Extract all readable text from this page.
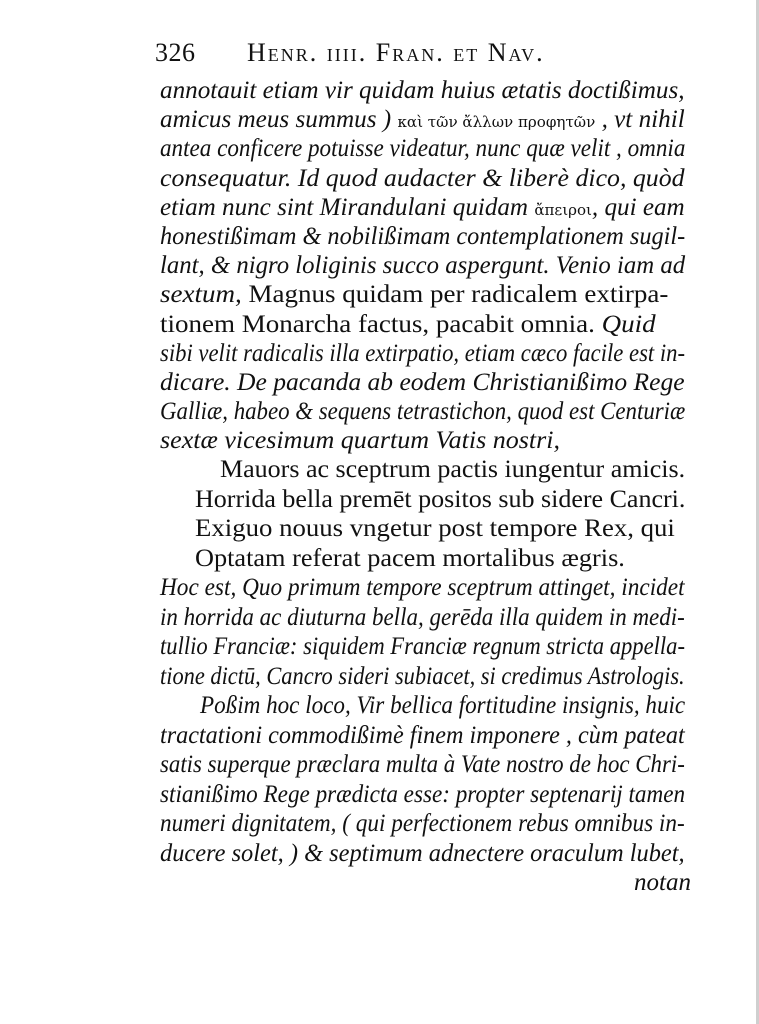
326 Henr. iiii. Fran. et Nav.
annotauit etiam vir quidam huius ætatis doctißimus,
amicus meus summus ) καὶ τῶν ἄλλων προφητῶν , vt nihil
antea conficere potuisse videatur, nunc quæ velit , omnia
consequatur. Id quod audacter & liberè dico, quòd
etiam nunc sint Mirandulani quidam ἄπειροι, qui eam
honestißimam & nobilißimam contemplationem sugil-
lant, & nigro loliginis succo aspergunt. Venio iam ad
sextum, Magnus quidam per radicalem extirpa-
tionem Monarcha factus, pacabit omnia. Quid
sibi velit radicalis illa extirpatio, etiam cæco facile est in-
dicare. De pacanda ab eodem Christianißimo Rege
Galliæ, habeo & sequens tetrastichon, quod est Centuriæ
sextæ vicesimum quartum Vatis nostri,
Mauors ac sceptrum pactis iungentur amicis.
Horrida bella premēt positos sub sidere Cancri.
Exiguo nouus vngetur post tempore Rex, qui
Optatam referat pacem mortalibus ægris.
Hoc est, Quo primum tempore sceptrum attinget, incidet
in horrida ac diuturna bella, gerēda illa quidem in medi-
tullio Franciæ: siquidem Franciæ regnum stricta appella-
tione dictū, Cancro sideri subiacet, si credimus Astrologis.
Poßim hoc loco, Vir bellica fortitudine insignis, huic
tractationi commodißimè finem imponere , cùm pateat
satis superque præclara multa à Vate nostro de hoc Chri-
stianißimo Rege prædicta esse: propter septenarij tamen
numeri dignitatem, ( qui perfectionem rebus omnibus in-
ducere solet, ) & septimum adnectere oraculum lubet,
notan
